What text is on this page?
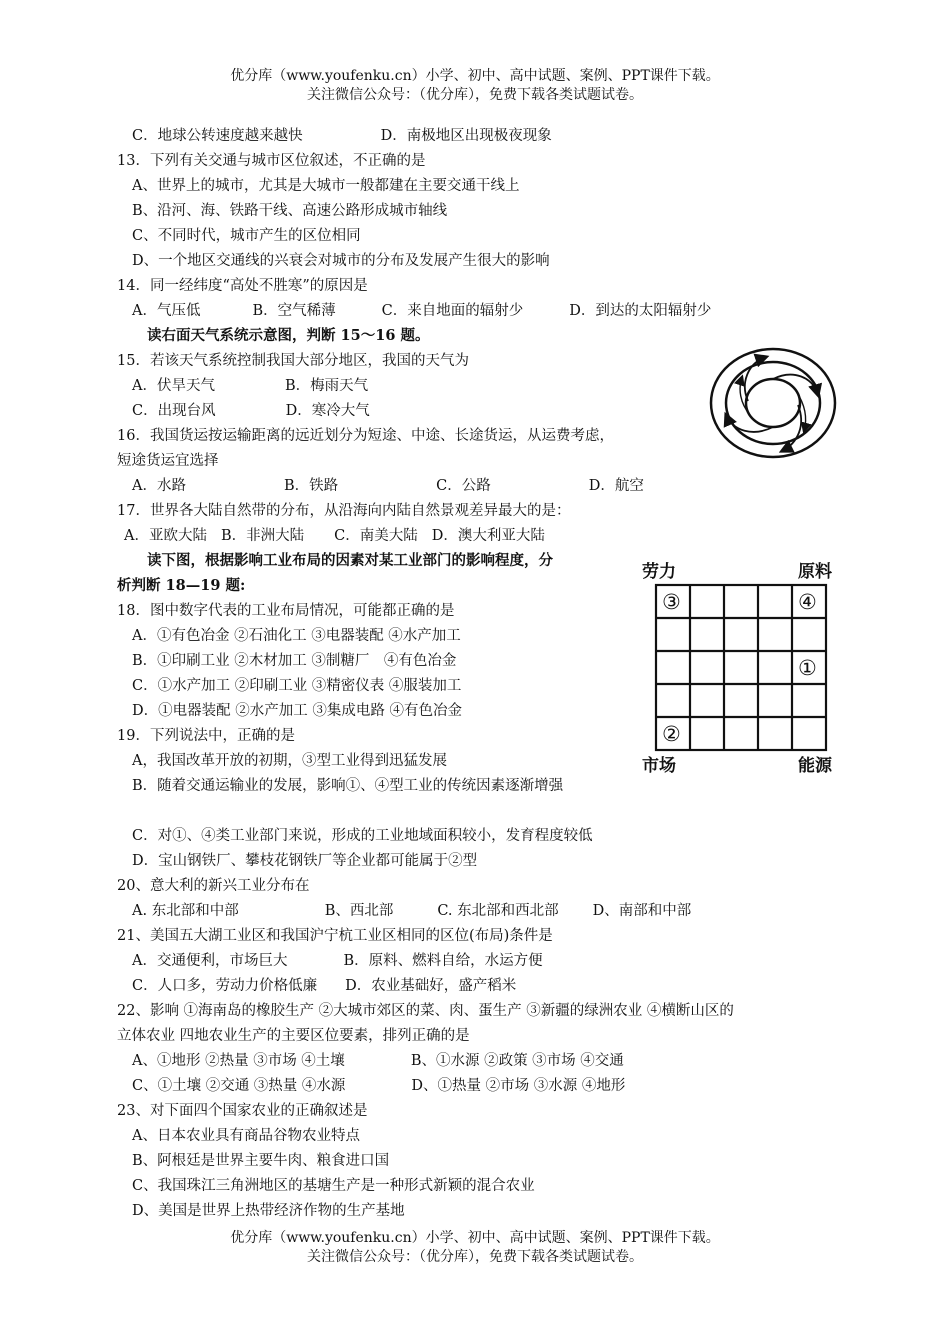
优分库（www.youfenku.cn）小学、初中、高中试题、案例、PPT课件下载。
关注微信公众号：（优分库），免费下载各类试题试卷。
C．地球公转速度越来越快	D．南极地区出现极夜现象
13．下列有关交通与城市区位叙述，不正确的是
A、世界上的城市，尤其是大城市一般都建在主要交通干线上
B、沿河、海、铁路干线、高速公路形成城市轴线
C、不同时代，城市产生的区位相同
D、一个地区交通线的兴衰会对城市的分布及发展产生很大的影响
14．同一经纬度“高处不胜寒”的原因是
A．气压低	B．空气稀薄	C．来自地面的辐射少	D．到达的太阳辐射少
读右面天气系统示意图，判断 15～16 题。
15．若该天气系统控制我国大部分地区，我国的天气为
A．伏旱天气	B．梅雨天气
C．出现台风	D．寒冷大气
16．我国货运按运输距离的远近划分为短途、中途、长途货运，从运费考虑，
短途货运宜选择
A．水路	B．铁路	C．公路	D．航空
17．世界各大陆自然带的分布，从沿海向内陆自然景观差异最大的是：
A．亚欧大陆 B．非洲大陆 C．南美大陆 D．澳大利亚大陆
读下图，根据影响工业布局的因素对某工业部门的影响程度，分
析判断 18—19 题:
18．图中数字代表的工业布局情况，可能都正确的是
A．①有色冶金 ②石油化工 ③电器装配 ④水产加工
B．①印刷工业 ②木材加工 ③制糖厂　④有色冶金
C．①水产加工 ②印刷工业 ③精密仪表 ④服装加工
D．①电器装配 ②水产加工 ③集成电路 ④有色冶金
19．下列说法中，正确的是
A，我国改革开放的初期，③型工业得到迅猛发展
B．随着交通运输业的发展，影响①、④型工业的传统因素逐渐增强
C．对①、④类工业部门来说，形成的工业地域面积较小，发育程度较低
D．宝山钢铁厂、攀枝花钢铁厂等企业都可能属于②型
劳力	原料
市场	能源
③	④
①
②
20、意大利的新兴工业分布在
A. 东北部和中部	B、西北部	C. 东北部和西北部 D、南部和中部
21、美国五大湖工业区和我国沪宁杭工业区相同的区位(布局)条件是
A．交通便利，市场巨大	B．原料、燃料自给，水运方便
C．人口多，劳动力价格低廉 D．农业基础好，盛产稻米
22、影响 ①海南岛的橡胶生产 ②大城市郊区的菜、肉、蛋生产 ③新疆的绿洲农业 ④横断山区的
立体农业 四地农业生产的主要区位要素，排列正确的是
A、①地形 ②热量 ③市场 ④土壤	B、①水源 ②政策 ③市场 ④交通
C、①土壤 ②交通 ③热量 ④水源	D、①热量 ②市场 ③水源 ④地形
23、对下面四个国家农业的正确叙述是
A、日本农业具有商品谷物农业特点
B、阿根廷是世界主要牛肉、粮食进口国
C、我国珠江三角洲地区的基塘生产是一种形式新颖的混合农业
D、美国是世界上热带经济作物的生产基地
优分库（www.youfenku.cn）小学、初中、高中试题、案例、PPT课件下载。
关注微信公众号：（优分库），免费下载各类试题试卷。
